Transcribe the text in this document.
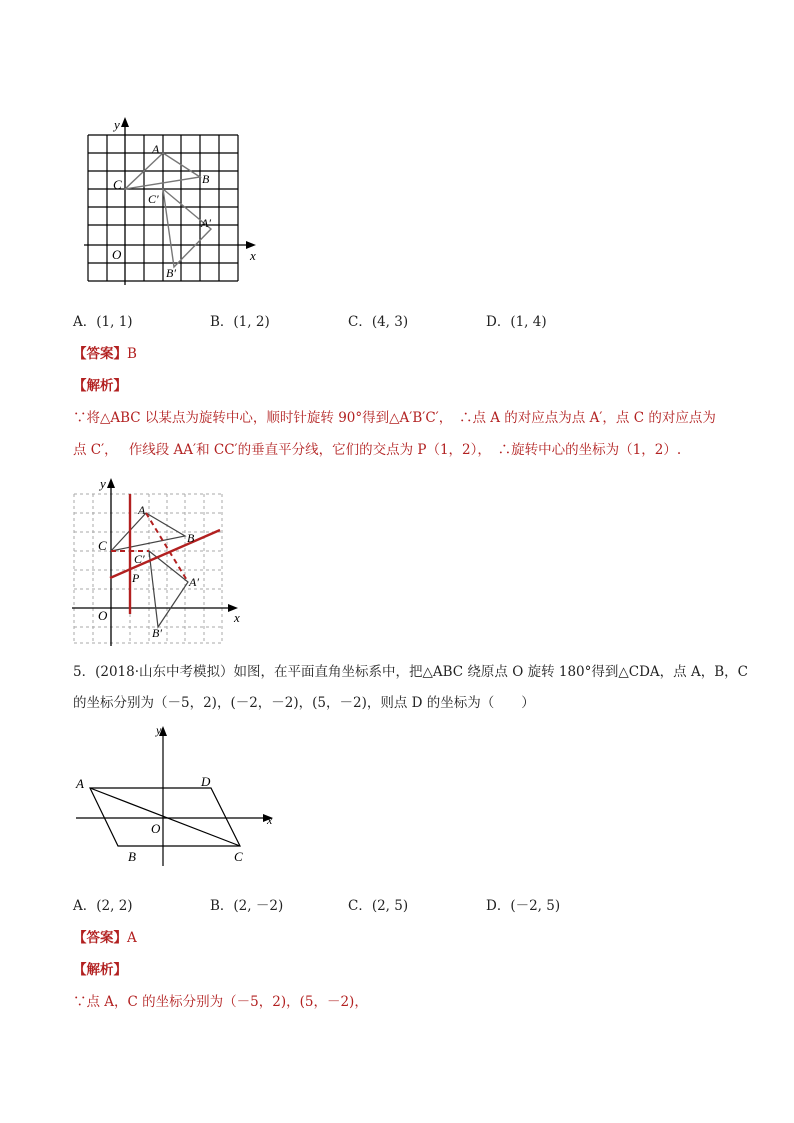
y
x
O
A
B
C
C′
A′
B′
A．(1, 1)	B．(1, 2)	C．(4, 3)	D．(1, 4)
【答案】B
【解析】
∵将△ABC 以某点为旋转中心，顺时针旋转 90°得到△A′B′C′，　∴点 A 的对应点为点 A′，点 C 的对应点为
点 C′，　 作线段 AA′和 CC′的垂直平分线，它们的交点为 P（1，2），　∴旋转中心的坐标为（1，2）.
y
x
O
A
B
C
C′
P	A′
B′
5．(2018·山东中考模拟）如图，在平面直角坐标系中，把△ABC 绕原点 O 旋转 180°得到△CDA，点 A，B，C
的坐标分别为（－5，2)，(－2，－2)，(5，－2)，则点 D 的坐标为（　　）
y
x
O
A	D
B	C
A．(2, 2)	B．(2, －2)	C．(2, 5)	D．(－2, 5)
【答案】A
【解析】
∵点 A，C 的坐标分别为（－5，2)，(5，－2)，
